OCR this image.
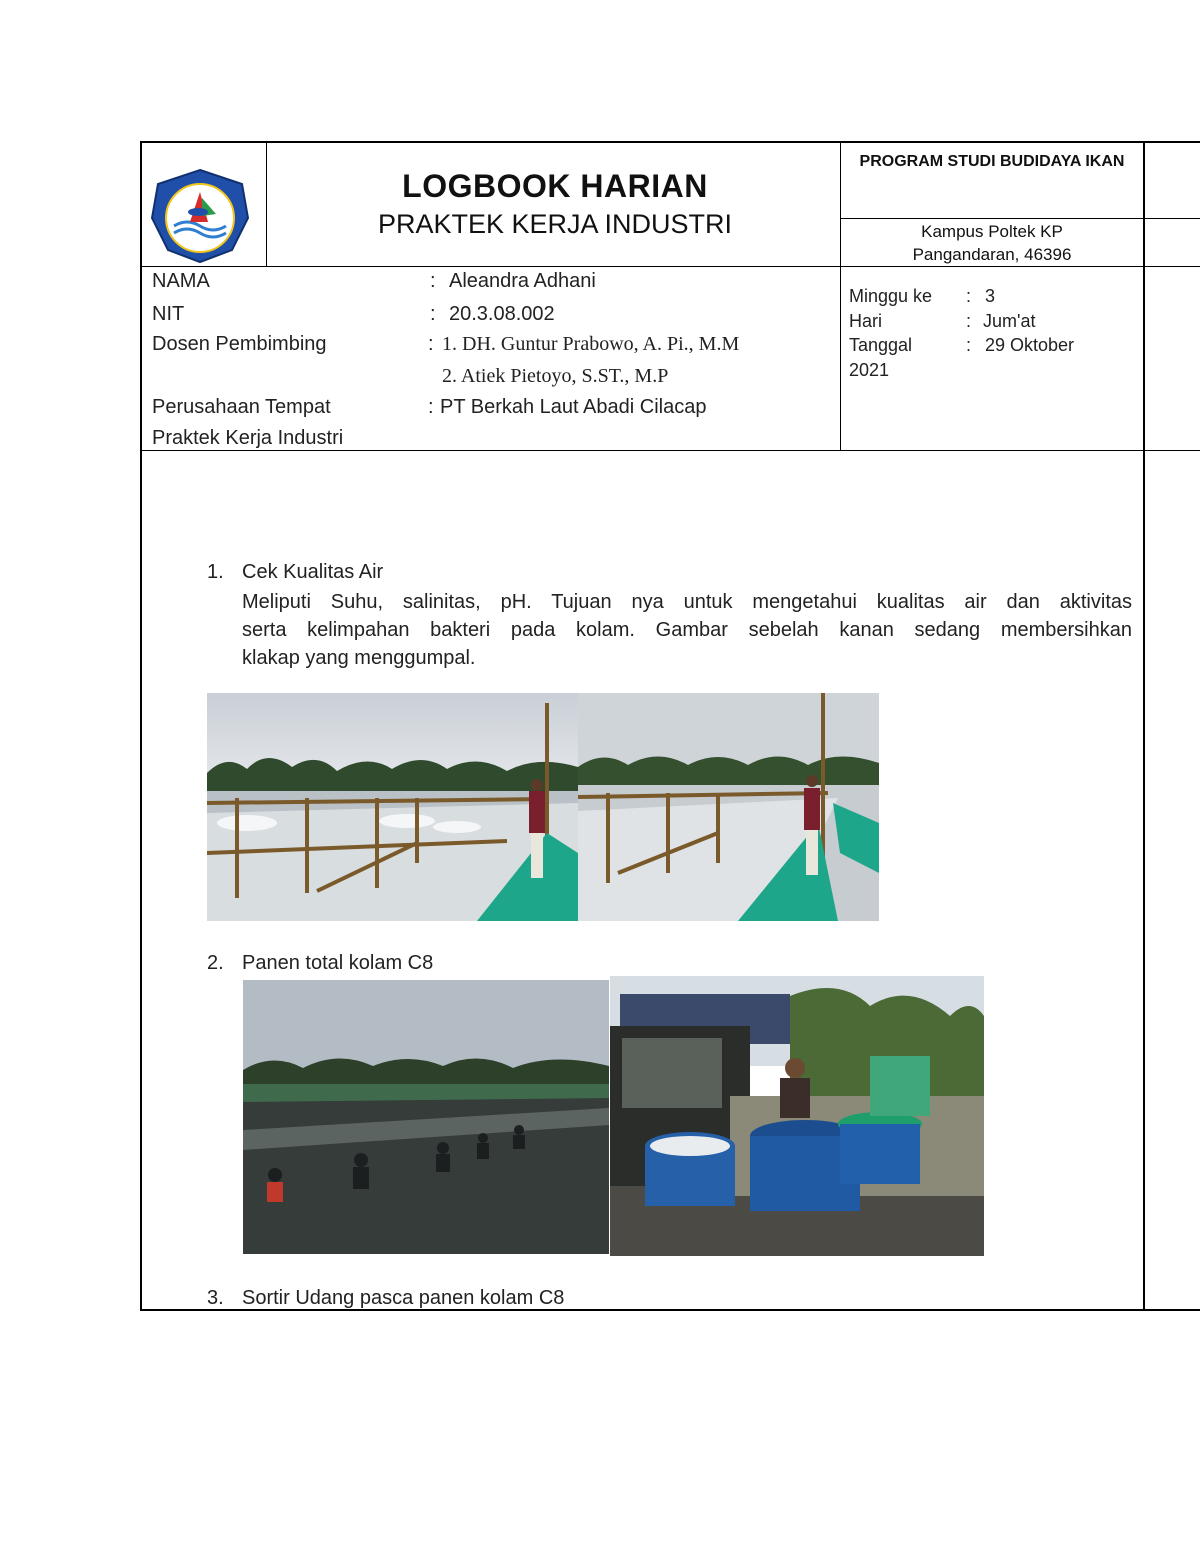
LOGBOOK HARIAN
PRAKTEK KERJA INDUSTRI
PROGRAM STUDI BUDIDAYA IKAN
Kampus Poltek KP
Pangandaran, 46396
NAMA	: Aleandra Adhani
NIT	: 20.3.08.002
Dosen Pembimbing	: 1. DH. Guntur Prabowo, A. Pi., M.M
2. Atiek Pietoyo, S.ST., M.P
Perusahaan Tempat	: PT Berkah Laut Abadi Cilacap
Praktek Kerja Industri
Minggu ke : 3
Hari	: Jum'at
Tanggal	: 29 Oktober
2021
1. Cek Kualitas Air
Meliputi Suhu, salinitas, pH. Tujuan nya untuk mengetahui kualitas air dan aktivitas
serta kelimpahan bakteri pada kolam. Gambar sebelah kanan sedang membersihkan
klakap yang menggumpal.
2. Panen total kolam C8
3. Sortir Udang pasca panen kolam C8
